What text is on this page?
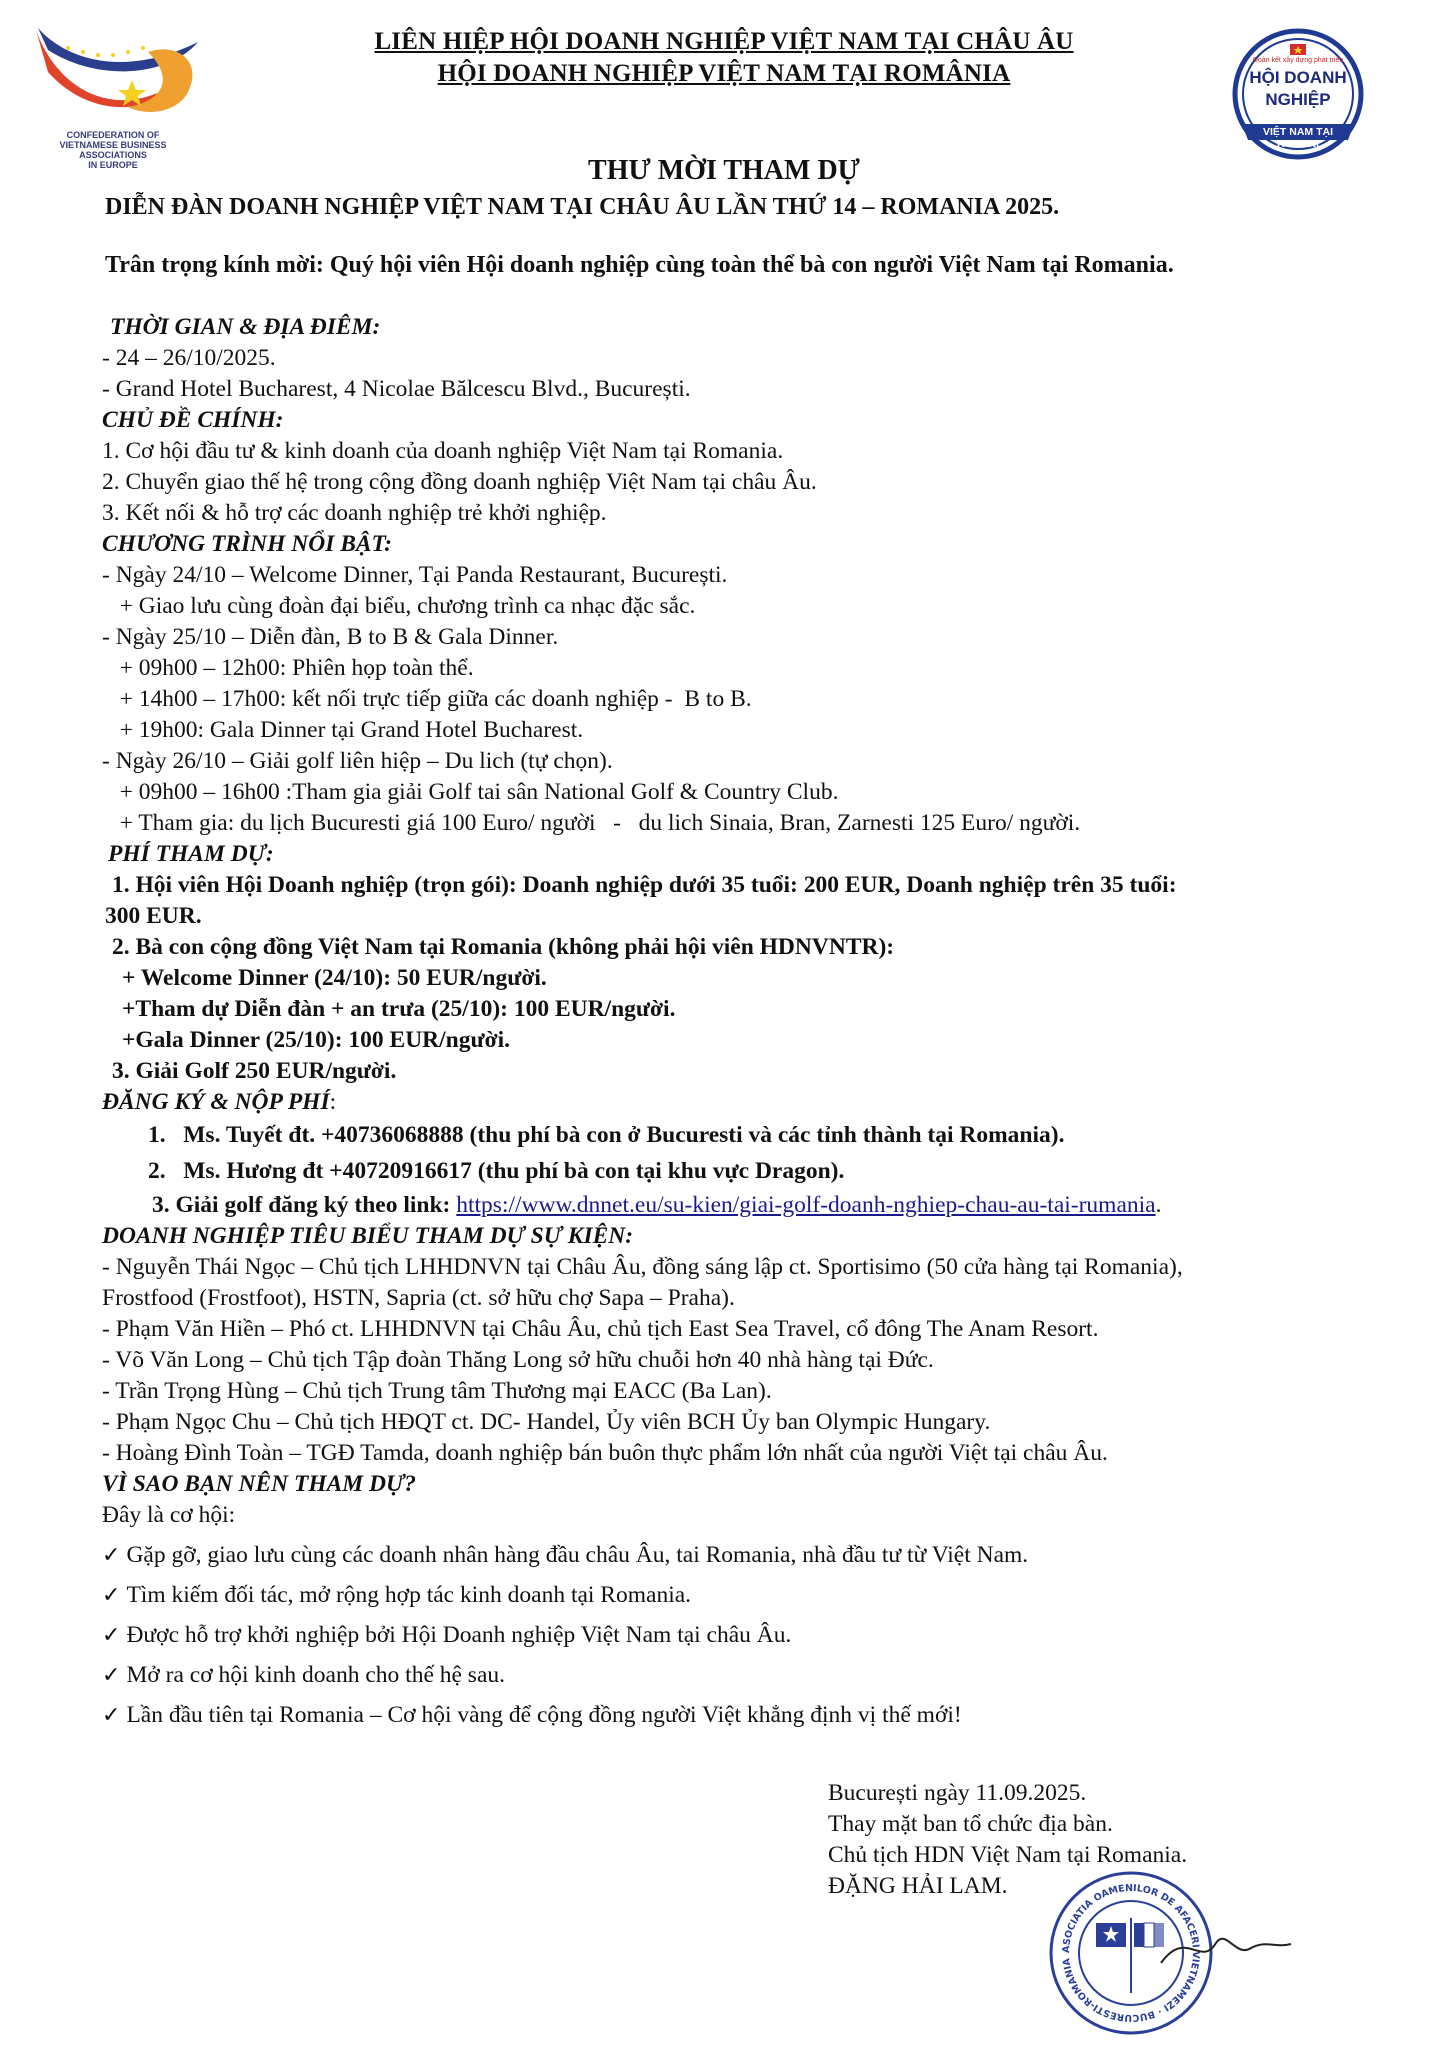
CONFEDERATION OF
VIETNAMESE BUSINESS ASSOCIATIONS
IN EUROPE
Đoàn kết xây dựng phát triển
HỘI DOANH
NGHIỆP
VIỆT NAM TẠI RUMANI
LIÊN HIỆP HỘI DOANH NGHIỆP VIỆT NAM TẠI CHÂU ÂU
HỘI DOANH NGHIỆP VIỆT NAM TẠI ROMÂNIA
THƯ MỜI THAM DỰ
DIỄN ĐÀN DOANH NGHIỆP VIỆT NAM TẠI CHÂU ÂU LẦN THỨ 14 – ROMANIA 2025.
Trân trọng kính mời: Quý hội viên Hội doanh nghiệp cùng toàn thể bà con người Việt Nam tại Romania.
THỜI GIAN & ĐỊA ĐIÊM:
- 24 – 26/10/2025.
- Grand Hotel Bucharest, 4 Nicolae Bălcescu Blvd., București.
CHỦ ĐỀ CHÍNH:
1. Cơ hội đầu tư & kinh doanh của doanh nghiệp Việt Nam tại Romania.
2. Chuyển giao thế hệ trong cộng đồng doanh nghiệp Việt Nam tại châu Âu.
3. Kết nối & hỗ trợ các doanh nghiệp trẻ khởi nghiệp.
CHƯƠNG TRÌNH NỔI BẬT:
- Ngày 24/10 – Welcome Dinner, Tại Panda Restaurant, București.
+ Giao lưu cùng đoàn đại biểu, chương trình ca nhạc đặc sắc.
- Ngày 25/10 – Diễn đàn, B to B & Gala Dinner.
+ 09h00 – 12h00: Phiên họp toàn thể.
+ 14h00 – 17h00: kết nối trực tiếp giữa các doanh nghiệp -  B to B.
+ 19h00: Gala Dinner tại Grand Hotel Bucharest.
- Ngày 26/10 – Giải golf liên hiệp – Du lich (tự chọn).
+ 09h00 – 16h00 :Tham gia giải Golf tai sân National Golf & Country Club.
+ Tham gia: du lịch Bucuresti giá 100 Euro/ người   -   du lich Sinaia, Bran, Zarnesti 125 Euro/ người.
PHÍ THAM DỰ:
1. Hội viên Hội Doanh nghiệp (trọn gói): Doanh nghiệp dưới 35 tuổi: 200 EUR, Doanh nghiệp trên 35 tuổi:
300 EUR.
2. Bà con cộng đồng Việt Nam tại Romania (không phải hội viên HDNVNTR):
+ Welcome Dinner (24/10): 50 EUR/người.
+Tham dự Diễn đàn + an trưa (25/10): 100 EUR/người.
+Gala Dinner (25/10): 100 EUR/người.
3. Giải Golf 250 EUR/người.
ĐĂNG KÝ & NỘP PHÍ:
1.   Ms. Tuyết đt. +40736068888 (thu phí bà con ở Bucuresti và các tỉnh thành tại Romania).
2.   Ms. Hương đt +40720916617 (thu phí bà con tại khu vực Dragon).
3. Giải golf đăng ký theo link: https://www.dnnet.eu/su-kien/giai-golf-doanh-nghiep-chau-au-tai-rumania.
DOANH NGHIỆP TIÊU BIỂU THAM DỰ SỰ KIỆN:
- Nguyễn Thái Ngọc – Chủ tịch LHHDNVN tại Châu Âu, đồng sáng lập ct. Sportisimo (50 cửa hàng tại Romania),
Frostfood (Frostfoot), HSTN, Sapria (ct. sở hữu chợ Sapa – Praha).
- Phạm Văn Hiền – Phó ct. LHHDNVN tại Châu Âu, chủ tịch East Sea Travel, cổ đông The Anam Resort.
- Võ Văn Long – Chủ tịch Tập đoàn Thăng Long sở hữu chuỗi hơn 40 nhà hàng tại Đức.
- Trần Trọng Hùng – Chủ tịch Trung tâm Thương mại EACC (Ba Lan).
- Phạm Ngọc Chu – Chủ tịch HĐQT ct. DC- Handel, Ủy viên BCH Ủy ban Olympic Hungary.
- Hoàng Đình Toàn – TGĐ Tamda, doanh nghiệp bán buôn thực phẩm lớn nhất của người Việt tại châu Âu.
VÌ SAO BẠN NÊN THAM DỰ?
Đây là cơ hội:
✓ Gặp gỡ, giao lưu cùng các doanh nhân hàng đầu châu Âu, tai Romania, nhà đầu tư từ Việt Nam.
✓ Tìm kiếm đối tác, mở rộng hợp tác kinh doanh tại Romania.
✓ Được hỗ trợ khởi nghiệp bởi Hội Doanh nghiệp Việt Nam tại châu Âu.
✓ Mở ra cơ hội kinh doanh cho thế hệ sau.
✓ Lần đầu tiên tại Romania – Cơ hội vàng để cộng đồng người Việt khẳng định vị thế mới!
București ngày 11.09.2025.
Thay mặt ban tổ chức địa bàn.
Chủ tịch HDN Việt Nam tại Romania.
ĐẶNG HẢI LAM.
ASOCIATIA OAMENILOR DE AFACERI VIETNAMEZI · BUCURESTI-ROMANIA
